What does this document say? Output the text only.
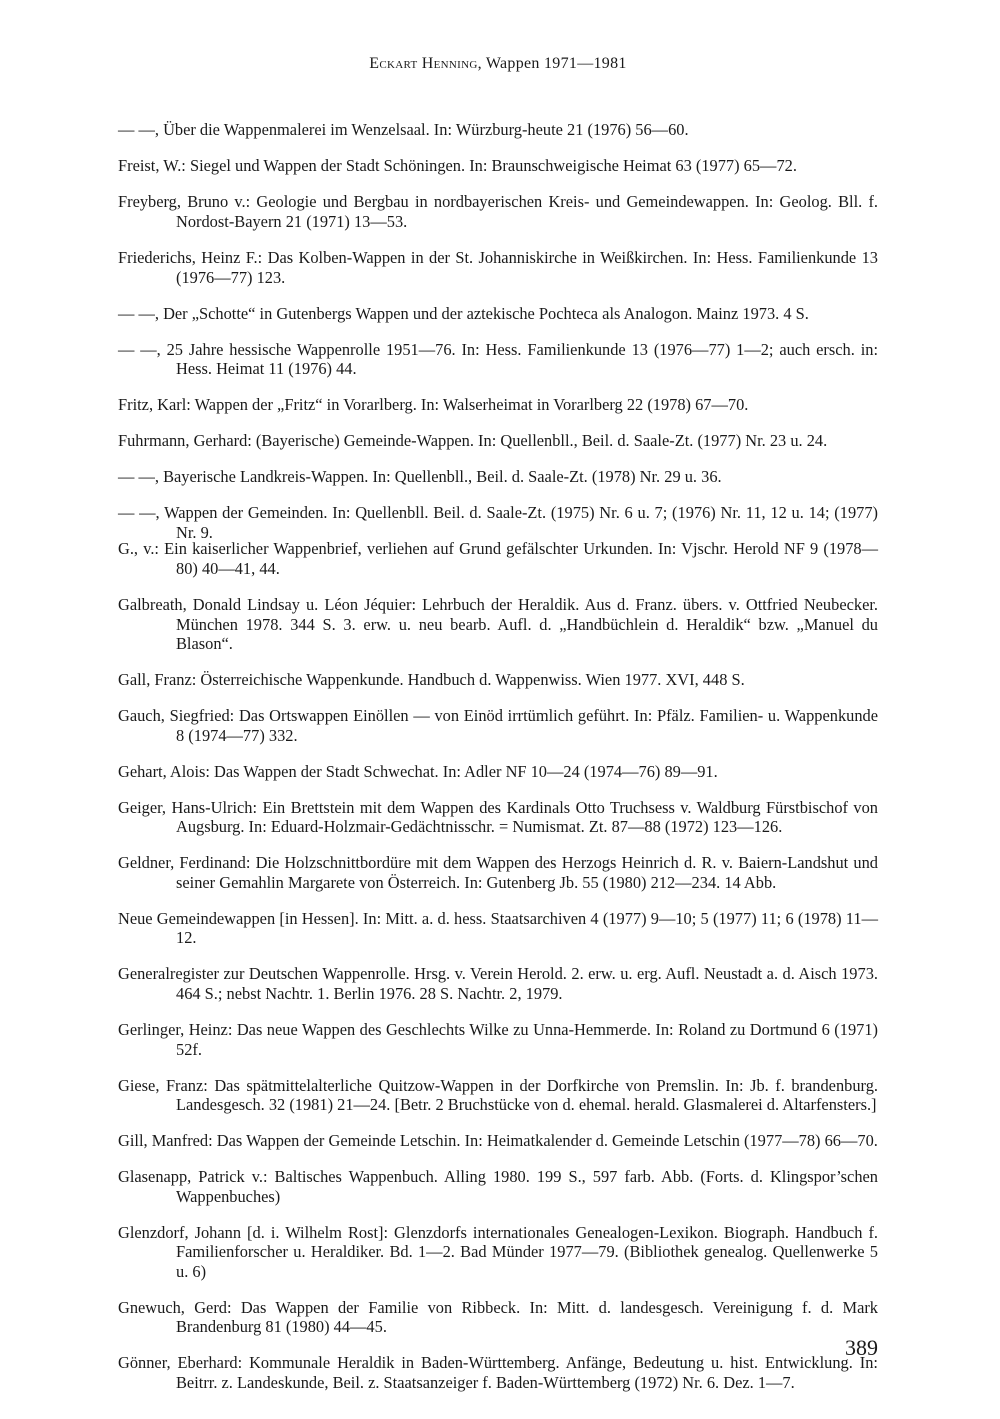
Eckart Henning, Wappen 1971—1981

— —, Über die Wappenmalerei im Wenzelsaal. In: Würzburg-heute 21 (1976) 56—60.

Freist, W.: Siegel und Wappen der Stadt Schöningen. In: Braunschweigische Heimat 63 (1977) 65—72.

Freyberg, Bruno v.: Geologie und Bergbau in nordbayerischen Kreis- und Gemeindewappen. In: Geolog. Bll. f. Nordost-Bayern 21 (1971) 13—53.

Friederichs, Heinz F.: Das Kolben-Wappen in der St. Johanniskirche in Weißkirchen. In: Hess. Familienkunde 13 (1976—77) 123.

— —, Der „Schotte“ in Gutenbergs Wappen und der aztekische Pochteca als Analogon. Mainz 1973. 4 S.

— —, 25 Jahre hessische Wappenrolle 1951—76. In: Hess. Familienkunde 13 (1976—77) 1—2; auch ersch. in: Hess. Heimat 11 (1976) 44.

Fritz, Karl: Wappen der „Fritz“ in Vorarlberg. In: Walserheimat in Vorarlberg 22 (1978) 67—70.

Fuhrmann, Gerhard: (Bayerische) Gemeinde-Wappen. In: Quellenbll., Beil. d. Saale-Zt. (1977) Nr. 23 u. 24.

— —, Bayerische Landkreis-Wappen. In: Quellenbll., Beil. d. Saale-Zt. (1978) Nr. 29 u. 36.

— —, Wappen der Gemeinden. In: Quellenbll. Beil. d. Saale-Zt. (1975) Nr. 6 u. 7; (1976) Nr. 11, 12 u. 14; (1977) Nr. 9.

G., v.: Ein kaiserlicher Wappenbrief, verliehen auf Grund gefälschter Urkunden. In: Vjschr. Herold NF 9 (1978—80) 40—41, 44.

Galbreath, Donald Lindsay u. Léon Jéquier: Lehrbuch der Heraldik. Aus d. Franz. übers. v. Ottfried Neubecker. München 1978. 344 S. 3. erw. u. neu bearb. Aufl. d. „Handbüchlein d. Heraldik“ bzw. „Manuel du Blason“.

Gall, Franz: Österreichische Wappenkunde. Handbuch d. Wappenwiss. Wien 1977. XVI, 448 S.

Gauch, Siegfried: Das Ortswappen Einöllen — von Einöd irrtümlich geführt. In: Pfälz. Familien- u. Wappenkunde 8 (1974—77) 332.

Gehart, Alois: Das Wappen der Stadt Schwechat. In: Adler NF 10—24 (1974—76) 89—91.

Geiger, Hans-Ulrich: Ein Brettstein mit dem Wappen des Kardinals Otto Truchsess v. Waldburg Fürstbischof von Augsburg. In: Eduard-Holzmair-Gedächtnisschr. = Numismat. Zt. 87—88 (1972) 123—126.

Geldner, Ferdinand: Die Holzschnittbordüre mit dem Wappen des Herzogs Heinrich d. R. v. Baiern-Landshut und seiner Gemahlin Margarete von Österreich. In: Gutenberg Jb. 55 (1980) 212—234. 14 Abb.

Neue Gemeindewappen [in Hessen]. In: Mitt. a. d. hess. Staatsarchiven 4 (1977) 9—10; 5 (1977) 11; 6 (1978) 11—12.

Generalregister zur Deutschen Wappenrolle. Hrsg. v. Verein Herold. 2. erw. u. erg. Aufl. Neustadt a. d. Aisch 1973. 464 S.; nebst Nachtr. 1. Berlin 1976. 28 S. Nachtr. 2, 1979.

Gerlinger, Heinz: Das neue Wappen des Geschlechts Wilke zu Unna-Hemmerde. In: Roland zu Dortmund 6 (1971) 52f.

Giese, Franz: Das spätmittelalterliche Quitzow-Wappen in der Dorfkirche von Premslin. In: Jb. f. brandenburg. Landesgesch. 32 (1981) 21—24. [Betr. 2 Bruchstücke von d. ehemal. herald. Glasmalerei d. Altarfensters.]

Gill, Manfred: Das Wappen der Gemeinde Letschin. In: Heimatkalender d. Gemeinde Letschin (1977—78) 66—70.

Glasenapp, Patrick v.: Baltisches Wappenbuch. Alling 1980. 199 S., 597 farb. Abb. (Forts. d. Klingspor’schen Wappenbuches)

Glenzdorf, Johann [d. i. Wilhelm Rost]: Glenzdorfs internationales Genealogen-Lexikon. Biograph. Handbuch f. Familienforscher u. Heraldiker. Bd. 1—2. Bad Münder 1977—79. (Bibliothek genealog. Quellenwerke 5 u. 6)

Gnewuch, Gerd: Das Wappen der Familie von Ribbeck. In: Mitt. d. landesgesch. Vereinigung f. d. Mark Brandenburg 81 (1980) 44—45.

Gönner, Eberhard: Kommunale Heraldik in Baden-Württemberg. Anfänge, Bedeutung u. hist. Entwicklung. In: Beitrr. z. Landeskunde, Beil. z. Staatsanzeiger f. Baden-Württemberg (1972) Nr. 6. Dez. 1—7.

389
